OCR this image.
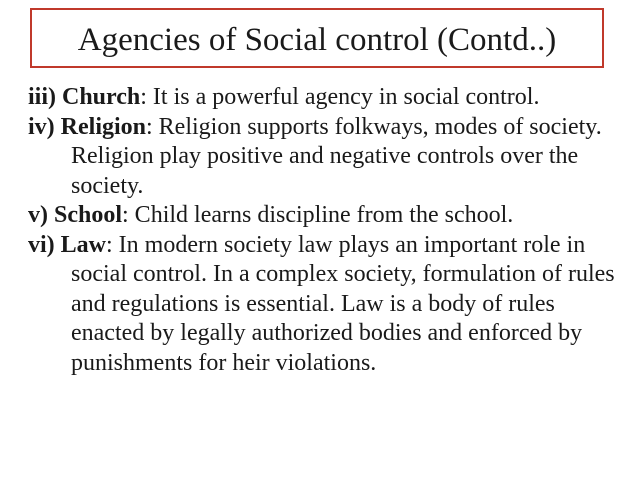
Agencies of Social control (Contd..)

iii) Church: It is a powerful agency in social control.

iv) Religion: Religion supports folkways, modes of society. Religion play positive and negative controls over the society.

v) School: Child learns discipline from the school.

vi) Law: In modern society law plays an important role in social control. In a complex society, formulation of rules and regulations is essential. Law is a body of rules enacted by legally authorized bodies and enforced by punishments for heir violations.
